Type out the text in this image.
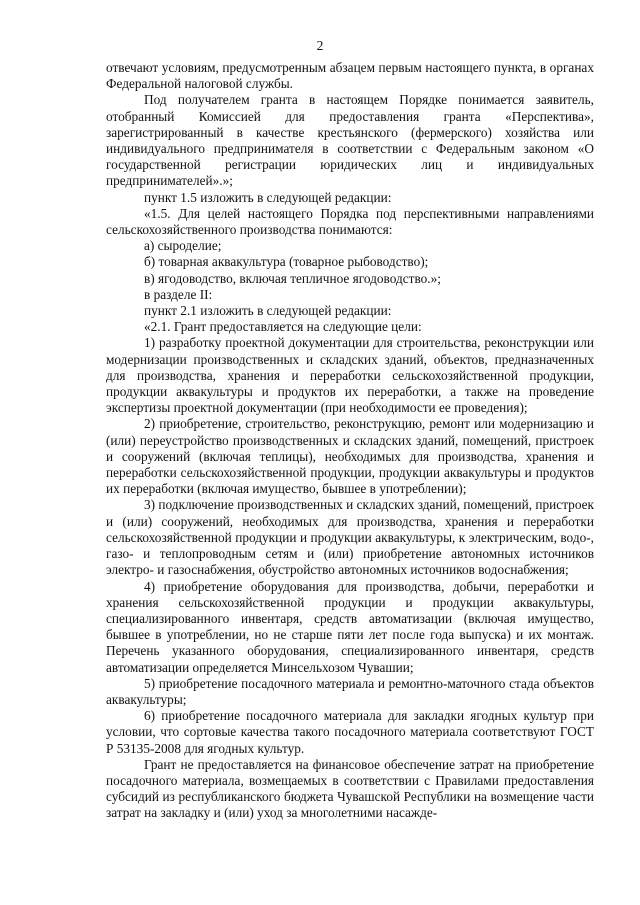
2

отвечают условиям, предусмотренным абзацем первым настоящего пункта, в органах Федеральной налоговой службы.

Под получателем гранта в настоящем Порядке понимается заявитель, отобранный Комиссией для предоставления гранта «Перспектива», зарегистрированный в качестве крестьянского (фермерского) хозяйства или индивидуального предпринимателя в соответствии с Федеральным законом «О государственной регистрации юридических лиц и индивидуальных предпринимателей».»;

пункт 1.5 изложить в следующей редакции:

«1.5. Для целей настоящего Порядка под перспективными направлениями сельскохозяйственного производства понимаются:

а) сыроделие;

б) товарная аквакультура (товарное рыбоводство);

в) ягодоводство, включая тепличное ягодоводство.»;

в разделе II:

пункт 2.1 изложить в следующей редакции:

«2.1. Грант предоставляется на следующие цели:

1) разработку проектной документации для строительства, реконструкции или модернизации производственных и складских зданий, объектов, предназначенных для производства, хранения и переработки сельскохозяйственной продукции, продукции аквакультуры и продуктов их переработки, а также на проведение экспертизы проектной документации (при необходимости ее проведения);

2) приобретение, строительство, реконструкцию, ремонт или модернизацию и (или) переустройство производственных и складских зданий, помещений, пристроек и сооружений (включая теплицы), необходимых для производства, хранения и переработки сельскохозяйственной продукции, продукции аквакультуры и продуктов их переработки (включая имущество, бывшее в употреблении);

3) подключение производственных и складских зданий, помещений, пристроек и (или) сооружений, необходимых для производства, хранения и переработки сельскохозяйственной продукции и продукции аквакультуры, к электрическим, водо-, газо- и теплопроводным сетям и (или) приобретение автономных источников электро- и газоснабжения, обустройство автономных источников водоснабжения;

4) приобретение оборудования для производства, добычи, переработки и хранения сельскохозяйственной продукции и продукции аквакультуры, специализированного инвентаря, средств автоматизации (включая имущество, бывшее в употреблении, но не старше пяти лет после года выпуска) и их монтаж. Перечень указанного оборудования, специализированного инвентаря, средств автоматизации определяется Минсельхозом Чувашии;

5) приобретение посадочного материала и ремонтно-маточного стада объектов аквакультуры;

6) приобретение посадочного материала для закладки ягодных культур при условии, что сортовые качества такого посадочного материала соответствуют ГОСТ Р 53135-2008 для ягодных культур.

Грант не предоставляется на финансовое обеспечение затрат на приобретение посадочного материала, возмещаемых в соответствии с Правилами предоставления субсидий из республиканского бюджета Чувашской Республики на возмещение части затрат на закладку и (или) уход за многолетними насажде-
